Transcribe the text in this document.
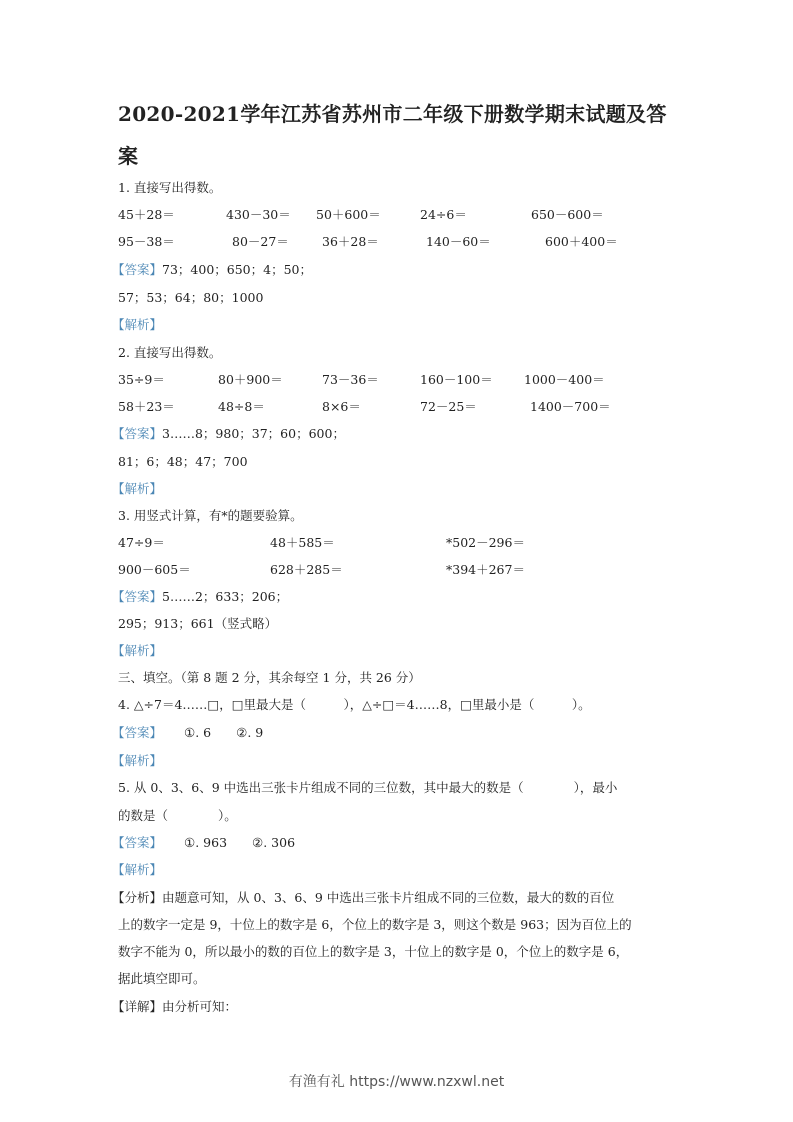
2020-2021学年江苏省苏州市二年级下册数学期末试题及答
案
1. 直接写出得数。
45＋28＝	430－30＝ 50＋600＝	24÷6＝	650－600＝
95－38＝	80－27＝	36＋28＝	140－60＝	600＋400＝
【答案】73；400；650；4；50；
57；53；64；80；1000
【解析】
2. 直接写出得数。
35÷9＝	80＋900＝	73－36＝	160－100＝	1000－400＝
58＋23＝	48÷8＝	8×6＝	72－25＝	1400－700＝
【答案】3……8；980；37；60；600；
81；6；48；47；700
【解析】
3. 用竖式计算，有*的题要验算。
47÷9＝	48＋585＝	*502－296＝
900－605＝	628＋285＝	*394＋267＝
【答案】5……2；633；206；
295；913；661（竖式略）
【解析】
三、填空。（第 8 题 2 分，其余每空 1 分，共 26 分）
4. △÷7＝4……□，□里最大是（　　　），△÷□＝4……8，□里最小是（　　　）。
【答案】 ①. 6　　②. 9
【解析】
5. 从 0、3、6、9 中选出三张卡片组成不同的三位数，其中最大的数是（　　　　），最小
的数是（　　　　）。
【答案】 ①. 963　　②. 306
【解析】
【分析】由题意可知，从 0、3、6、9 中选出三张卡片组成不同的三位数，最大的数的百位
上的数字一定是 9，十位上的数字是 6，个位上的数字是 3，则这个数是 963；因为百位上的
数字不能为 0，所以最小的数的百位上的数字是 3，十位上的数字是 0，个位上的数字是 6，
据此填空即可。
【详解】由分析可知：
有渔有礼 https://www.nzxwl.net
